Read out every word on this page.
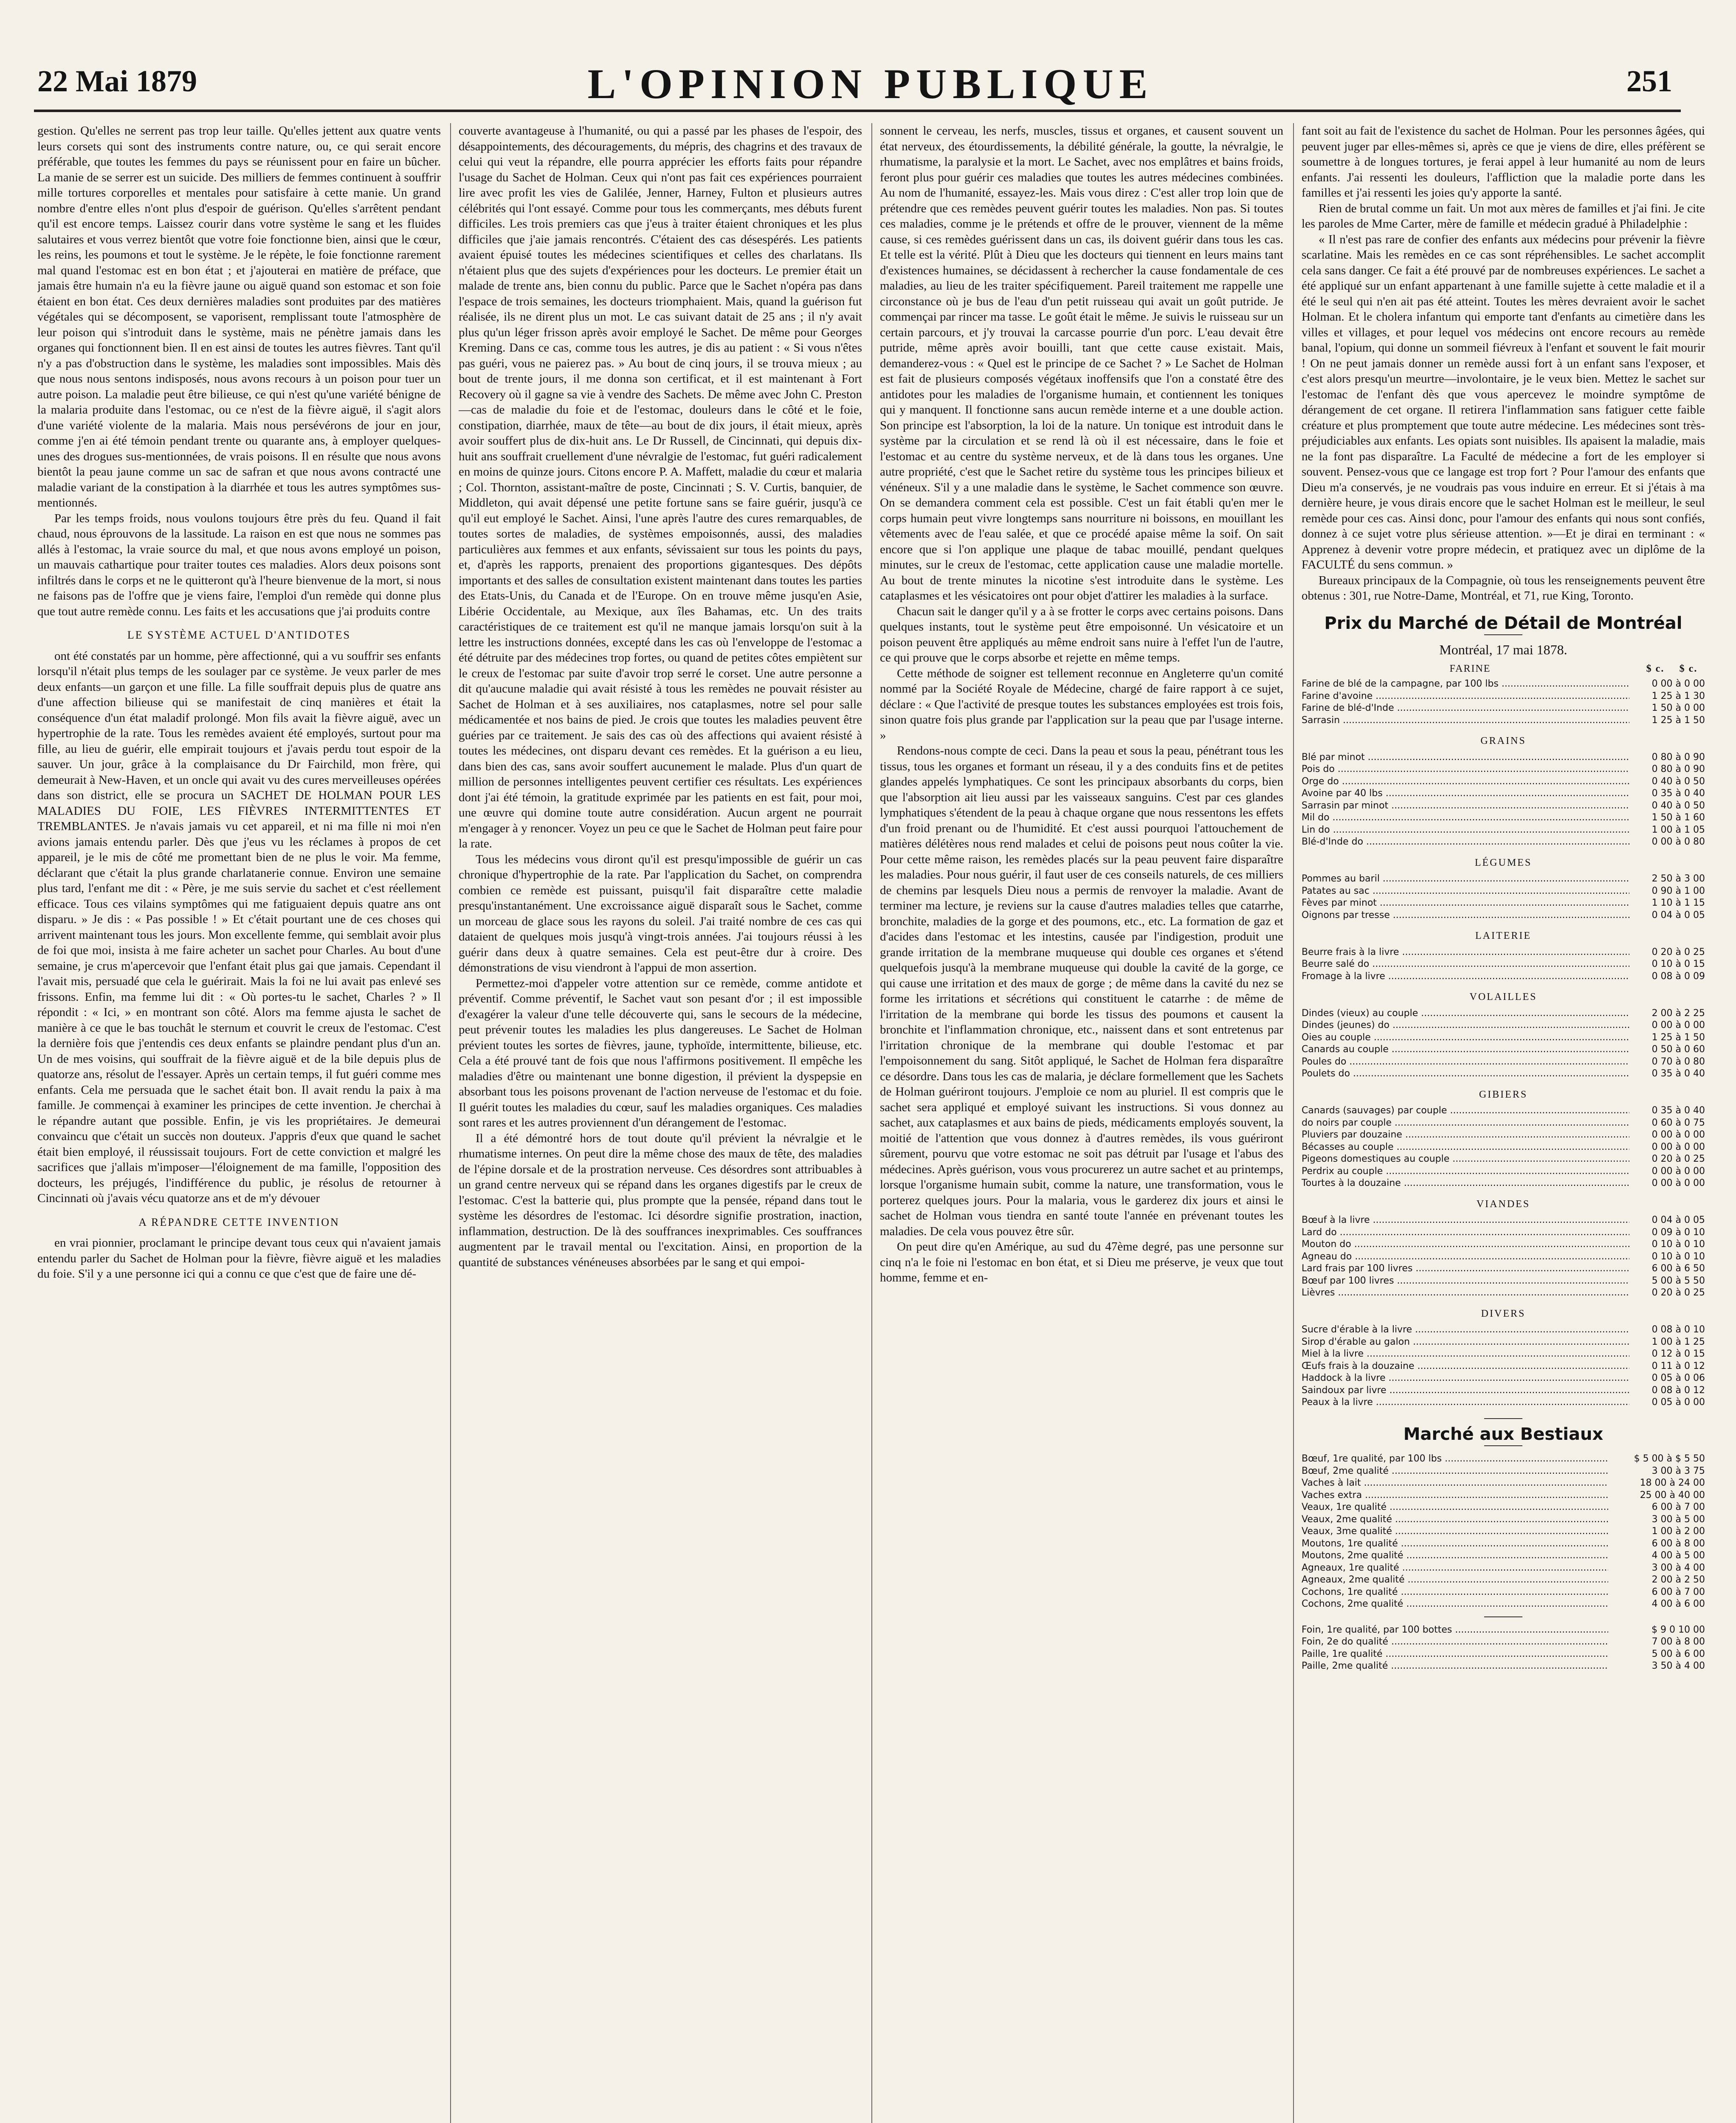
22 Mai 1879	L'OPINION PUBLIQUE	251

gestion. Qu'elles ne serrent pas trop leur taille. Qu'elles jettent aux quatre vents leurs corsets qui sont des instruments contre nature, ou, ce qui serait encore préférable, que toutes les femmes du pays se réunissent pour en faire un bûcher. La manie de se serrer est un suicide. Des milliers de femmes continuent à souffrir mille tortures corporelles et mentales pour satisfaire à cette manie. Un grand nombre d'entre elles n'ont plus d'espoir de guérison. Qu'elles s'arrêtent pendant qu'il est encore temps. Laissez courir dans votre système le sang et les fluides salutaires et vous verrez bientôt que votre foie fonctionne bien, ainsi que le cœur, les reins, les poumons et tout le système. Je le répète, le foie fonctionne rarement mal quand l'estomac est en bon état ; et j'ajouterai en matière de préface, que jamais être humain n'a eu la fièvre jaune ou aiguë quand son estomac et son foie étaient en bon état. Ces deux dernières maladies sont produites par des matières végétales qui se décomposent, se vaporisent, remplissant toute l'atmosphère de leur poison qui s'introduit dans le système, mais ne pénètre jamais dans les organes qui fonctionnent bien. Il en est ainsi de toutes les autres fièvres. Tant qu'il n'y a pas d'obstruction dans le système, les maladies sont impossibles. Mais dès que nous nous sentons indisposés, nous avons recours à un poison pour tuer un autre poison. La maladie peut être bilieuse, ce qui n'est qu'une variété bénigne de la malaria produite dans l'estomac, ou ce n'est de la fièvre aiguë, il s'agit alors d'une variété violente de la malaria. Mais nous persévérons de jour en jour, comme j'en ai été témoin pendant trente ou quarante ans, à employer quelques-unes des drogues sus-mentionnées, de vrais poisons. Il en résulte que nous avons bientôt la peau jaune comme un sac de safran et que nous avons contracté une maladie variant de la constipation à la diarrhée et tous les autres symptômes sus-mentionnés.

Par les temps froids, nous voulons toujours être près du feu. Quand il fait chaud, nous éprouvons de la lassitude. La raison en est que nous ne sommes pas allés à l'estomac, la vraie source du mal, et que nous avons employé un poison, un mauvais cathartique pour traiter toutes ces maladies. Alors deux poisons sont infiltrés dans le corps et ne le quitteront qu'à l'heure bienvenue de la mort, si nous ne faisons pas de l'offre que je viens faire, l'emploi d'un remède qui donne plus que tout autre remède connu. Les faits et les accusations que j'ai produits contre

LE SYSTÈME ACTUEL D'ANTIDOTES

ont été constatés par un homme, père affectionné, qui a vu souffrir ses enfants lorsqu'il n'était plus temps de les soulager par ce système. Je veux parler de mes deux enfants—un garçon et une fille. La fille souffrait depuis plus de quatre ans d'une affection bilieuse qui se manifestait de cinq manières et était la conséquence d'un état maladif prolongé. Mon fils avait la fièvre aiguë, avec un hypertrophie de la rate. Tous les remèdes avaient été employés, surtout pour ma fille, au lieu de guérir, elle empirait toujours et j'avais perdu tout espoir de la sauver. Un jour, grâce à la complaisance du Dr Fairchild, mon frère, qui demeurait à New-Haven, et un oncle qui avait vu des cures merveilleuses opérées dans son district, elle se procura un SACHET DE HOLMAN POUR LES MALADIES DU FOIE, LES FIÈVRES INTERMITTENTES ET TREMBLANTES. Je n'avais jamais vu cet appareil, et ni ma fille ni moi n'en avions jamais entendu parler. Dès que j'eus vu les réclames à propos de cet appareil, je le mis de côté me promettant bien de ne plus le voir. Ma femme, déclarant que c'était la plus grande charlatanerie connue. Environ une semaine plus tard, l'enfant me dit : « Père, je me suis servie du sachet et c'est réellement efficace. Tous ces vilains symptômes qui me fatiguaient depuis quatre ans ont disparu. » Je dis : « Pas possible ! » Et c'était pourtant une de ces choses qui arrivent maintenant tous les jours. Mon excellente femme, qui semblait avoir plus de foi que moi, insista à me faire acheter un sachet pour Charles. Au bout d'une semaine, je crus m'apercevoir que l'enfant était plus gai que jamais. Cependant il l'avait mis, persuadé que cela le guérirait. Mais la foi ne lui avait pas enlevé ses frissons. Enfin, ma femme lui dit : « Où portes-tu le sachet, Charles ? » Il répondit : « Ici, » en montrant son côté. Alors ma femme ajusta le sachet de manière à ce que le bas touchât le sternum et couvrit le creux de l'estomac. C'est la dernière fois que j'entendis ces deux enfants se plaindre pendant plus d'un an. Un de mes voisins, qui souffrait de la fièvre aiguë et de la bile depuis plus de quatorze ans, résolut de l'essayer. Après un certain temps, il fut guéri comme mes enfants. Cela me persuada que le sachet était bon. Il avait rendu la paix à ma famille. Je commençai à examiner les principes de cette invention. Je cherchai à le répandre autant que possible. Enfin, je vis les propriétaires. Je demeurai convaincu que c'était un succès non douteux. J'appris d'eux que quand le sachet était bien employé, il réussissait toujours. Fort de cette conviction et malgré les sacrifices que j'allais m'imposer—l'éloignement de ma famille, l'opposition des docteurs, les préjugés, l'indifférence du public, je résolus de retourner à Cincinnati où j'avais vécu quatorze ans et de m'y dévouer

A RÉPANDRE CETTE INVENTION

en vrai pionnier, proclamant le principe devant tous ceux qui n'avaient jamais entendu parler du Sachet de Holman pour la fièvre, fièvre aiguë et les maladies du foie. S'il y a une personne ici qui a connu ce que c'est que de faire une dé-

couverte avantageuse à l'humanité, ou qui a passé par les phases de l'espoir, des désappointements, des découragements, du mépris, des chagrins et des travaux de celui qui veut la répandre, elle pourra apprécier les efforts faits pour répandre l'usage du Sachet de Holman. Ceux qui n'ont pas fait ces expériences pourraient lire avec profit les vies de Galilée, Jenner, Harney, Fulton et plusieurs autres célébrités qui l'ont essayé. Comme pour tous les commerçants, mes débuts furent difficiles. Les trois premiers cas que j'eus à traiter étaient chroniques et les plus difficiles que j'aie jamais rencontrés. C'étaient des cas désespérés. Les patients avaient épuisé toutes les médecines scientifiques et celles des charlatans. Ils n'étaient plus que des sujets d'expériences pour les docteurs. Le premier était un malade de trente ans, bien connu du public. Parce que le Sachet n'opéra pas dans l'espace de trois semaines, les docteurs triomphaient. Mais, quand la guérison fut réalisée, ils ne dirent plus un mot. Le cas suivant datait de 25 ans ; il n'y avait plus qu'un léger frisson après avoir employé le Sachet. De même pour Georges Kreming. Dans ce cas, comme tous les autres, je dis au patient : « Si vous n'êtes pas guéri, vous ne paierez pas. » Au bout de cinq jours, il se trouva mieux ; au bout de trente jours, il me donna son certificat, et il est maintenant à Fort Recovery où il gagne sa vie à vendre des Sachets. De même avec John C. Preston—cas de maladie du foie et de l'estomac, douleurs dans le côté et le foie, constipation, diarrhée, maux de tête—au bout de dix jours, il était mieux, après avoir souffert plus de dix-huit ans. Le Dr Russell, de Cincinnati, qui depuis dix-huit ans souffrait cruellement d'une névralgie de l'estomac, fut guéri radicalement en moins de quinze jours. Citons encore P. A. Maffett, maladie du cœur et malaria ; Col. Thornton, assistant-maître de poste, Cincinnati ; S. V. Curtis, banquier, de Middleton, qui avait dépensé une petite fortune sans se faire guérir, jusqu'à ce qu'il eut employé le Sachet. Ainsi, l'une après l'autre des cures remarquables, de toutes sortes de maladies, de systèmes empoisonnés, aussi, des maladies particulières aux femmes et aux enfants, sévissaient sur tous les points du pays, et, d'après les rapports, prenaient des proportions gigantesques. Des dépôts importants et des salles de consultation existent maintenant dans toutes les parties des Etats-Unis, du Canada et de l'Europe. On en trouve même jusqu'en Asie, Libérie Occidentale, au Mexique, aux îles Bahamas, etc. Un des traits caractéristiques de ce traitement est qu'il ne manque jamais lorsqu'on suit à la lettre les instructions données, excepté dans les cas où l'enveloppe de l'estomac a été détruite par des médecines trop fortes, ou quand de petites côtes empiètent sur le creux de l'estomac par suite d'avoir trop serré le corset. Une autre personne a dit qu'aucune maladie qui avait résisté à tous les remèdes ne pouvait résister au Sachet de Holman et à ses auxiliaires, nos cataplasmes, notre sel pour salle médicamentée et nos bains de pied. Je crois que toutes les maladies peuvent être guéries par ce traitement. Je sais des cas où des affections qui avaient résisté à toutes les médecines, ont disparu devant ces remèdes. Et la guérison a eu lieu, dans bien des cas, sans avoir souffert aucunement le malade. Plus d'un quart de million de personnes intelligentes peuvent certifier ces résultats. Les expériences dont j'ai été témoin, la gratitude exprimée par les patients en est fait, pour moi, une œuvre qui domine toute autre considération. Aucun argent ne pourrait m'engager à y renoncer. Voyez un peu ce que le Sachet de Holman peut faire pour la rate.

Tous les médecins vous diront qu'il est presqu'impossible de guérir un cas chronique d'hypertrophie de la rate. Par l'application du Sachet, on comprendra combien ce remède est puissant, puisqu'il fait disparaître cette maladie presqu'instantanément. Une excroissance aiguë disparaît sous le Sachet, comme un morceau de glace sous les rayons du soleil. J'ai traité nombre de ces cas qui dataient de quelques mois jusqu'à vingt-trois années. J'ai toujours réussi à les guérir dans deux à quatre semaines. Cela est peut-être dur à croire. Des démonstrations de visu viendront à l'appui de mon assertion.

Permettez-moi d'appeler votre attention sur ce remède, comme antidote et préventif. Comme préventif, le Sachet vaut son pesant d'or ; il est impossible d'exagérer la valeur d'une telle découverte qui, sans le secours de la médecine, peut prévenir toutes les maladies les plus dangereuses. Le Sachet de Holman prévient toutes les sortes de fièvres, jaune, typhoïde, intermittente, bilieuse, etc. Cela a été prouvé tant de fois que nous l'affirmons positivement. Il empêche les maladies d'être ou maintenant une bonne digestion, il prévient la dyspepsie en absorbant tous les poisons provenant de l'action nerveuse de l'estomac et du foie. Il guérit toutes les maladies du cœur, sauf les maladies organiques. Ces maladies sont rares et les autres proviennent d'un dérangement de l'estomac.

Il a été démontré hors de tout doute qu'il prévient la névralgie et le rhumatisme internes. On peut dire la même chose des maux de tête, des maladies de l'épine dorsale et de la prostration nerveuse. Ces désordres sont attribuables à un grand centre nerveux qui se répand dans les organes digestifs par le creux de l'estomac. C'est la batterie qui, plus prompte que la pensée, répand dans tout le système les désordres de l'estomac. Ici désordre signifie prostration, inaction, inflammation, destruction. De là des souffrances inexprimables. Ces souffrances augmentent par le travail mental ou l'excitation. Ainsi, en proportion de la quantité de substances vénéneuses absorbées par le sang et qui empoi-

sonnent le cerveau, les nerfs, muscles, tissus et organes, et causent souvent un état nerveux, des étourdissements, la débilité générale, la goutte, la névralgie, le rhumatisme, la paralysie et la mort. Le Sachet, avec nos emplâtres et bains froids, feront plus pour guérir ces maladies que toutes les autres médecines combinées. Au nom de l'humanité, essayez-les. Mais vous direz : C'est aller trop loin que de prétendre que ces remèdes peuvent guérir toutes les maladies. Non pas. Si toutes ces maladies, comme je le prétends et offre de le prouver, viennent de la même cause, si ces remèdes guérissent dans un cas, ils doivent guérir dans tous les cas. Et telle est la vérité. Plût à Dieu que les docteurs qui tiennent en leurs mains tant d'existences humaines, se décidassent à rechercher la cause fondamentale de ces maladies, au lieu de les traiter spécifiquement. Pareil traitement me rappelle une circonstance où je bus de l'eau d'un petit ruisseau qui avait un goût putride. Je commençai par rincer ma tasse. Le goût était le même. Je suivis le ruisseau sur un certain parcours, et j'y trouvai la carcasse pourrie d'un porc. L'eau devait être putride, même après avoir bouilli, tant que cette cause existait. Mais, demanderez-vous : « Quel est le principe de ce Sachet ? » Le Sachet de Holman est fait de plusieurs composés végétaux inoffensifs que l'on a constaté être des antidotes pour les maladies de l'organisme humain, et contiennent les toniques qui y manquent. Il fonctionne sans aucun remède interne et a une double action. Son principe est l'absorption, la loi de la nature. Un tonique est introduit dans le système par la circulation et se rend là où il est nécessaire, dans le foie et l'estomac et au centre du système nerveux, et de là dans tous les organes. Une autre propriété, c'est que le Sachet retire du système tous les principes bilieux et vénéneux. S'il y a une maladie dans le système, le Sachet commence son œuvre. On se demandera comment cela est possible. C'est un fait établi qu'en mer le corps humain peut vivre longtemps sans nourriture ni boissons, en mouillant les vêtements avec de l'eau salée, et que ce procédé apaise même la soif. On sait encore que si l'on applique une plaque de tabac mouillé, pendant quelques minutes, sur le creux de l'estomac, cette application cause une maladie mortelle. Au bout de trente minutes la nicotine s'est introduite dans le système. Les cataplasmes et les vésicatoires ont pour objet d'attirer les maladies à la surface.

Chacun sait le danger qu'il y a à se frotter le corps avec certains poisons. Dans quelques instants, tout le système peut être empoisonné. Un vésicatoire et un poison peuvent être appliqués au même endroit sans nuire à l'effet l'un de l'autre, ce qui prouve que le corps absorbe et rejette en même temps.

Cette méthode de soigner est tellement reconnue en Angleterre qu'un comité nommé par la Société Royale de Médecine, chargé de faire rapport à ce sujet, déclare : « Que l'activité de presque toutes les substances employées est trois fois, sinon quatre fois plus grande par l'application sur la peau que par l'usage interne. »

Rendons-nous compte de ceci. Dans la peau et sous la peau, pénétrant tous les tissus, tous les organes et formant un réseau, il y a des conduits fins et de petites glandes appelés lymphatiques. Ce sont les principaux absorbants du corps, bien que l'absorption ait lieu aussi par les vaisseaux sanguins. C'est par ces glandes lymphatiques s'étendent de la peau à chaque organe que nous ressentons les effets d'un froid prenant ou de l'humidité. Et c'est aussi pourquoi l'attouchement de matières délétères nous rend malades et celui de poisons peut nous coûter la vie. Pour cette même raison, les remèdes placés sur la peau peuvent faire disparaître les maladies. Pour nous guérir, il faut user de ces conseils naturels, de ces milliers de chemins par lesquels Dieu nous a permis de renvoyer la maladie. Avant de terminer ma lecture, je reviens sur la cause d'autres maladies telles que catarrhe, bronchite, maladies de la gorge et des poumons, etc., etc. La formation de gaz et d'acides dans l'estomac et les intestins, causée par l'indigestion, produit une grande irritation de la membrane muqueuse qui double ces organes et s'étend quelquefois jusqu'à la membrane muqueuse qui double la cavité de la gorge, ce qui cause une irritation et des maux de gorge ; de même dans la cavité du nez se forme les irritations et sécrétions qui constituent le catarrhe : de même de l'irritation de la membrane qui borde les tissus des poumons et causent la bronchite et l'inflammation chronique, etc., naissent dans et sont entretenus par l'irritation chronique de la membrane qui double l'estomac et par l'empoisonnement du sang. Sitôt appliqué, le Sachet de Holman fera disparaître ce désordre. Dans tous les cas de malaria, je déclare formellement que les Sachets de Holman guériront toujours. J'emploie ce nom au pluriel. Il est compris que le sachet sera appliqué et employé suivant les instructions. Si vous donnez au sachet, aux cataplasmes et aux bains de pieds, médicaments employés souvent, la moitié de l'attention que vous donnez à d'autres remèdes, ils vous guériront sûrement, pourvu que votre estomac ne soit pas détruit par l'usage et l'abus des médecines. Après guérison, vous vous procurerez un autre sachet et au printemps, lorsque l'organisme humain subit, comme la nature, une transformation, vous le porterez quelques jours. Pour la malaria, vous le garderez dix jours et ainsi le sachet de Holman vous tiendra en santé toute l'année en prévenant toutes les maladies. De cela vous pouvez être sûr.

On peut dire qu'en Amérique, au sud du 47ème degré, pas une personne sur cinq n'a le foie ni l'estomac en bon état, et si Dieu me préserve, je veux que tout homme, femme et en-

fant soit au fait de l'existence du sachet de Holman. Pour les personnes âgées, qui peuvent juger par elles-mêmes si, après ce que je viens de dire, elles préfèrent se soumettre à de longues tortures, je ferai appel à leur humanité au nom de leurs enfants. J'ai ressenti les douleurs, l'affliction que la maladie porte dans les familles et j'ai ressenti les joies qu'y apporte la santé.

Rien de brutal comme un fait. Un mot aux mères de familles et j'ai fini. Je cite les paroles de Mme Carter, mère de famille et médecin gradué à Philadelphie :

« Il n'est pas rare de confier des enfants aux médecins pour prévenir la fièvre scarlatine. Mais les remèdes en ce cas sont répréhensibles. Le sachet accomplit cela sans danger. Ce fait a été prouvé par de nombreuses expériences. Le sachet a été appliqué sur un enfant appartenant à une famille sujette à cette maladie et il a été le seul qui n'en ait pas été atteint. Toutes les mères devraient avoir le sachet Holman. Et le cholera infantum qui emporte tant d'enfants au cimetière dans les villes et villages, et pour lequel vos médecins ont encore recours au remède banal, l'opium, qui donne un sommeil fiévreux à l'enfant et souvent le fait mourir ! On ne peut jamais donner un remède aussi fort à un enfant sans l'exposer, et c'est alors presqu'un meurtre—involontaire, je le veux bien. Mettez le sachet sur l'estomac de l'enfant dès que vous apercevez le moindre symptôme de dérangement de cet organe. Il retirera l'inflammation sans fatiguer cette faible créature et plus promptement que toute autre médecine. Les médecines sont très-préjudiciables aux enfants. Les opiats sont nuisibles. Ils apaisent la maladie, mais ne la font pas disparaître. La Faculté de médecine a fort de les employer si souvent. Pensez-vous que ce langage est trop fort ? Pour l'amour des enfants que Dieu m'a conservés, je ne voudrais pas vous induire en erreur. Et si j'étais à ma dernière heure, je vous dirais encore que le sachet Holman est le meilleur, le seul remède pour ces cas. Ainsi donc, pour l'amour des enfants qui nous sont confiés, donnez à ce sujet votre plus sérieuse attention. »—Et je dirai en terminant : « Apprenez à devenir votre propre médecin, et pratiquez avec un diplôme de la FACULTÉ du sens commun. »

Bureaux principaux de la Compagnie, où tous les renseignements peuvent être obtenus : 301, rue Notre-Dame, Montréal, et 71, rue King, Toronto.

Prix du Marché de Détail de Montréal
Montréal, 17 mai 1878.
FARINE	$ c.	$ c.
Farine de blé de la campagne, par 100 lbs .....	0 00 à 0 00
Farine d'avoine .....	1 25 à 1 30
Farine de blé-d'Inde .....	1 50 à 0 00
Sarrasin .....	1 25 à 1 50
GRAINS
Blé par minot .....	0 80 à 0 90
Pois do .....	0 80 à 0 90
Orge do .....	0 40 à 0 50
Avoine par 40 lbs .....	0 35 à 0 40
Sarrasin par minot .....	0 40 à 0 50
Mil do .....	1 50 à 1 60
Lin do .....	1 00 à 1 05
Blé-d'Inde do .....	0 00 à 0 80
LÉGUMES
Pommes au baril .....	2 50 à 3 00
Patates au sac .....	0 90 à 1 00
Fèves par minot .....	1 10 à 1 15
Oignons par tresse .....	0 04 à 0 05
LAITERIE
Beurre frais à la livre .....	0 20 à 0 25
Beurre salé do .....	0 10 à 0 15
Fromage à la livre .....	0 08 à 0 09
VOLAILLES
Dindes (vieux) au couple .....	2 00 à 2 25
Dindes (jeunes) do .....	0 00 à 0 00
Oies au couple .....	1 25 à 1 50
Canards au couple .....	0 50 à 0 60
Poules do .....	0 70 à 0 80
Poulets do .....	0 35 à 0 40
GIBIERS
Canards (sauvages) par couple .....	0 35 à 0 40
do noirs par couple .....	0 60 à 0 75
Pluviers par douzaine .....	0 00 à 0 00
Bécasses au couple .....	0 00 à 0 00
Pigeons domestiques au couple .....	0 20 à 0 25
Perdrix au couple .....	0 00 à 0 00
Tourtes à la douzaine .....	0 00 à 0 00
VIANDES
Bœuf à la livre .....	0 04 à 0 05
Lard do .....	0 09 à 0 10
Mouton do .....	0 10 à 0 10
Agneau do .....	0 10 à 0 10
Lard frais par 100 livres .....	6 00 à 6 50
Bœuf par 100 livres .....	5 00 à 5 50
Lièvres .....	0 20 à 0 25
DIVERS
Sucre d'érable à la livre .....	0 08 à 0 10
Sirop d'érable au galon .....	1 00 à 1 25
Miel à la livre .....	0 12 à 0 15
Œufs frais à la douzaine .....	0 11 à 0 12
Haddock à la livre .....	0 05 à 0 06
Saindoux par livre .....	0 08 à 0 12
Peaux à la livre .....	0 05 à 0 00
Marché aux Bestiaux
Bœuf, 1re qualité, par 100 lbs .....	$ 5 00 à $ 5 50
Bœuf, 2me qualité .....	3 00 à 3 75
Vaches à lait .....	18 00 à 24 00
Vaches extra .....	25 00 à 40 00
Veaux, 1re qualité .....	6 00 à 7 00
Veaux, 2me qualité .....	3 00 à 5 00
Veaux, 3me qualité .....	1 00 à 2 00
Moutons, 1re qualité .....	6 00 à 8 00
Moutons, 2me qualité .....	4 00 à 5 00
Agneaux, 1re qualité .....	3 00 à 4 00
Agneaux, 2me qualité .....	2 00 à 2 50
Cochons, 1re qualité .....	6 00 à 7 00
Cochons, 2me qualité .....	4 00 à 6 00
Foin, 1re qualité, par 100 bottes .....	$ 9 0 10 00
Foin, 2e do qualité .....	7 00 à 8 00
Paille, 1re qualité .....	5 00 à 6 00
Paille, 2me qualité .....	3 50 à 4 00
